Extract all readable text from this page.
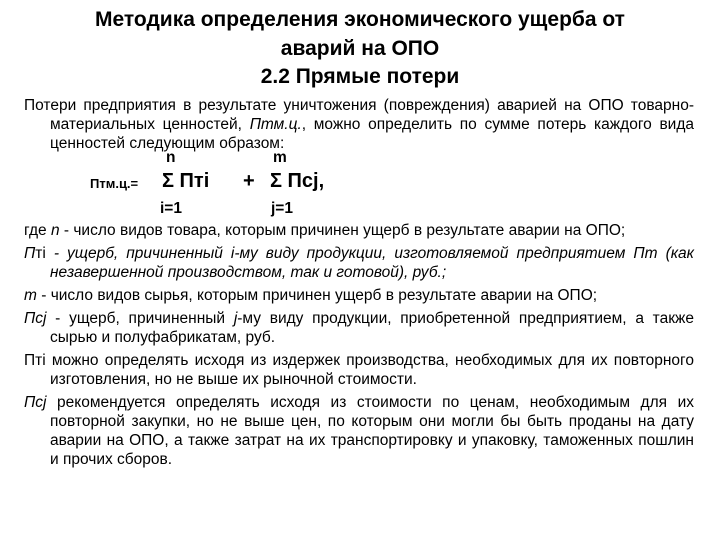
Методика определения экономического ущерба от
аварий на ОПО
2.2 Прямые потери
Потери предприятия в результате уничтожения (повреждения) аварией на ОПО товарно-материальных ценностей, Птм.ц., можно определить по сумме потерь каждого вида ценностей следующим образом:
n	m
Птм.ц.= Σ Пті + Σ Псj,
i=1	j=1
где n - число видов товара, которым причинен ущерб в результате аварии на ОПО;
Пті - ущерб, причиненный i-му виду продукции, изготовляемой предприятием Пт (как незавершенной производством, так и готовой), руб.;
m - число видов сырья, которым причинен ущерб в результате аварии на ОПО;
Псj - ущерб, причиненный j-му виду продукции, приобретенной предприятием, а также сырью и полуфабрикатам, руб.
Пті можно определять исходя из издержек производства, необходимых для их повторного изготовления, но не выше их рыночной стоимости.
Псj рекомендуется определять исходя из стоимости по ценам, необходимым для их повторной закупки, но не выше цен, по которым они могли бы быть проданы на дату аварии на ОПО, а также затрат на их транспортировку и упаковку, таможенных пошлин и прочих сборов.
